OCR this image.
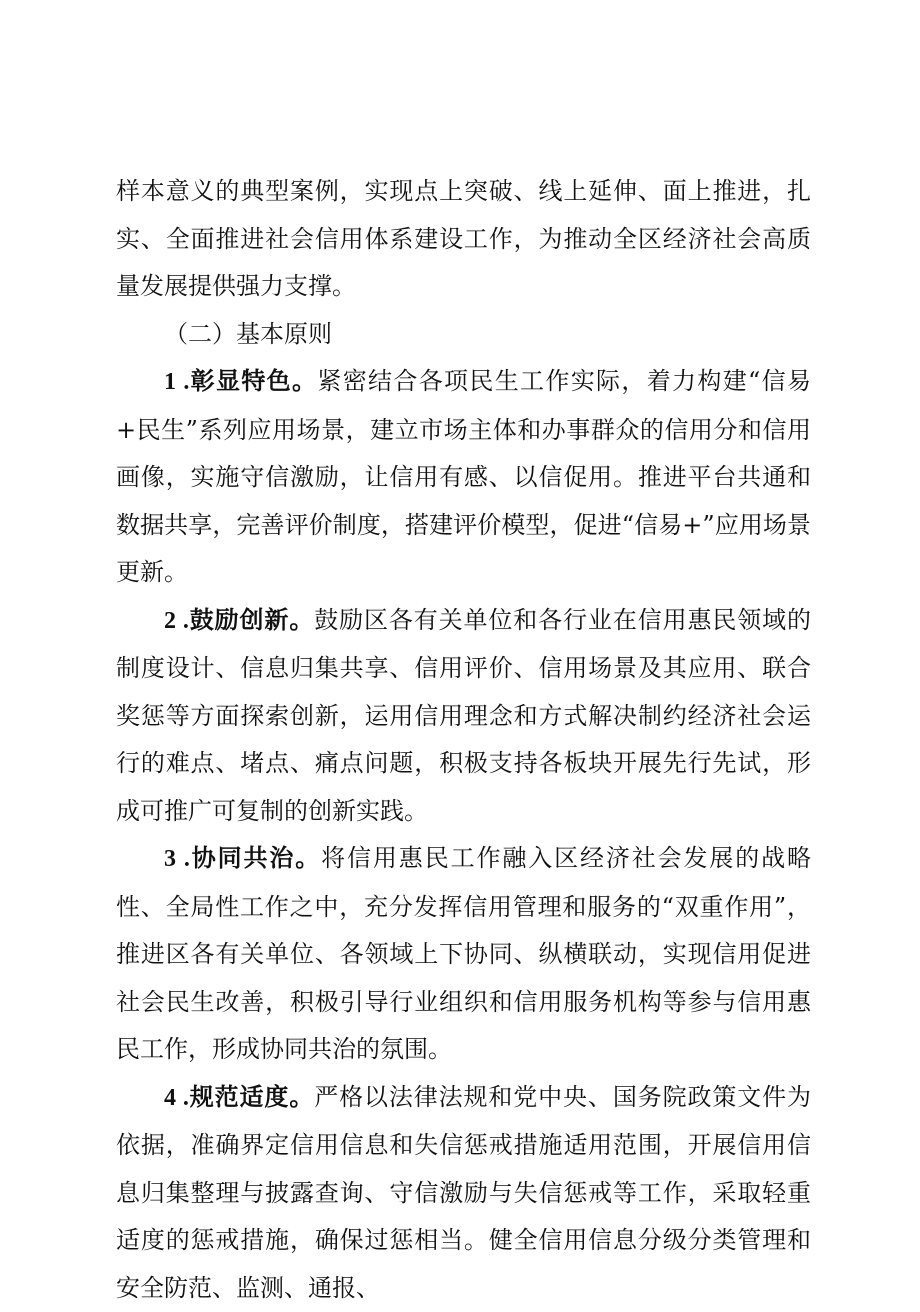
样本意义的典型案例，实现点上突破、线上延伸、面上推进，扎实、全面推进社会信用体系建设工作，为推动全区经济社会高质量发展提供强力支撑。

（二）基本原则

1 .彰显特色。紧密结合各项民生工作实际，着力构建“信易+民生”系列应用场景，建立市场主体和办事群众的信用分和信用画像，实施守信激励，让信用有感、以信促用。推进平台共通和数据共享，完善评价制度，搭建评价模型，促进“信易+”应用场景更新。

2 .鼓励创新。鼓励区各有关单位和各行业在信用惠民领域的制度设计、信息归集共享、信用评价、信用场景及其应用、联合奖惩等方面探索创新，运用信用理念和方式解决制约经济社会运行的难点、堵点、痛点问题，积极支持各板块开展先行先试，形成可推广可复制的创新实践。

3 .协同共治。将信用惠民工作融入区经济社会发展的战略性、全局性工作之中，充分发挥信用管理和服务的“双重作用”，推进区各有关单位、各领域上下协同、纵横联动，实现信用促进社会民生改善，积极引导行业组织和信用服务机构等参与信用惠民工作，形成协同共治的氛围。

4 .规范适度。严格以法律法规和党中央、国务院政策文件为依据，准确界定信用信息和失信惩戒措施适用范围，开展信用信息归集整理与披露查询、守信激励与失信惩戒等工作，采取轻重适度的惩戒措施，确保过惩相当。健全信用信息分级分类管理和安全防范、监测、通报、
